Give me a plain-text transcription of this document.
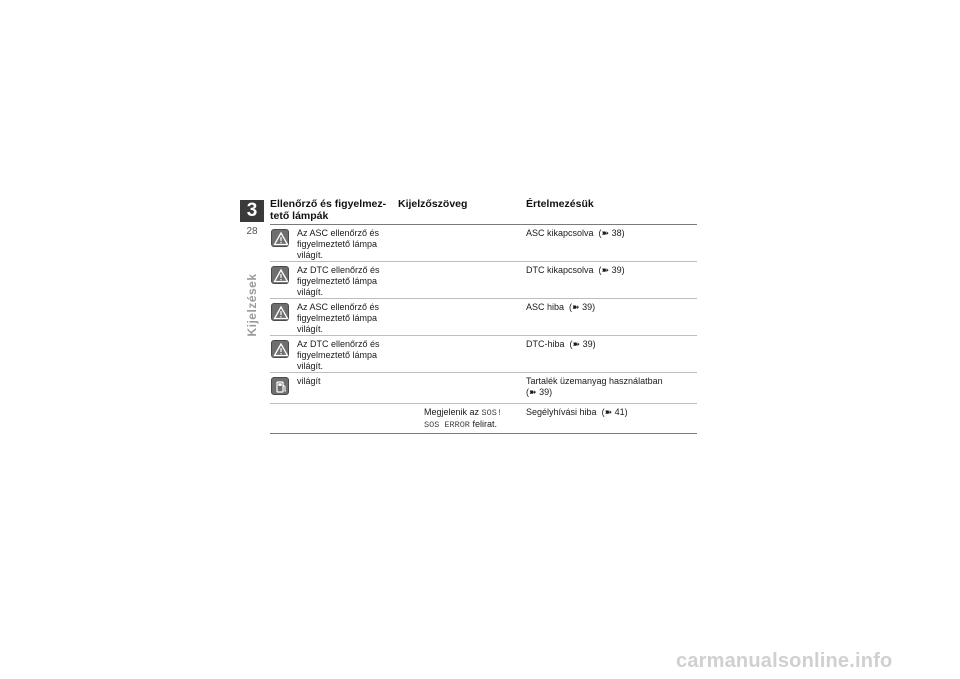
3
28
Kijelzések
Ellenőrző és figyelmez-tető lámpák
Kijelzőszöveg	Értelmezésük
Az ASC ellenőrző és figyelmeztető lámpa világít.
ASC kikapcsolva (➽ 38)
Az DTC ellenőrző és figyelmeztető lámpa világít.
DTC kikapcsolva (➽ 39)
Az ASC ellenőrző és figyelmeztető lámpa világít.
ASC hiba (➽ 39)
Az DTC ellenőrző és figyelmeztető lámpa világít.
DTC-hiba (➽ 39)
világít	Tartalék üzemanyag használatban
(➽ 39)
Megjelenik az SOS!
SOS ERROR felirat.
Segélyhívási hiba (➽ 41)
carmanualsonline.info
